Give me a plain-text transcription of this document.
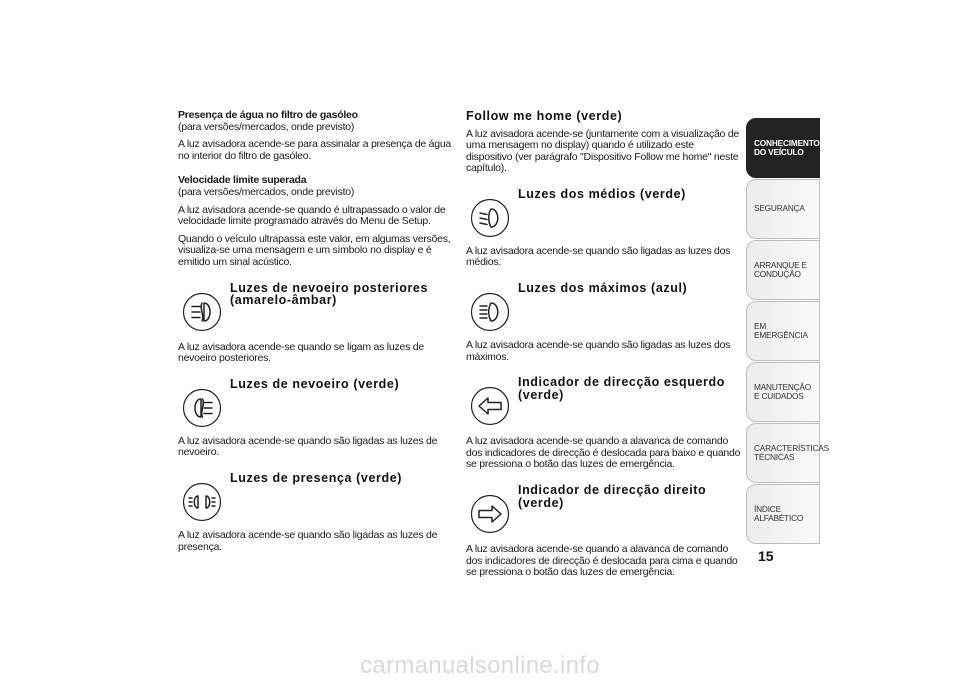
Presença de água no filtro de gasóleo

(para versões/mercados, onde previsto)

A luz avisadora acende-se para assinalar a presença de água no interior do filtro de gasóleo.

Velocidade limite superada

(para versões/mercados, onde previsto)

A luz avisadora acende-se quando é ultrapassado o valor de velocidade limite programado através do Menu de Setup.

Quando o veículo ultrapassa este valor, em algumas versões, visualiza-se uma mensagem e um símbolo no display e é emitido um sinal acústico.

Luzes de nevoeiro posteriores (amarelo-âmbar)

A luz avisadora acende-se quando se ligam as luzes de nevoeiro posteriores.

Luzes de nevoeiro (verde)

A luz avisadora acende-se quando são ligadas as luzes de nevoeiro.

Luzes de presença (verde)

A luz avisadora acende-se quando são ligadas as luzes de presença.

Follow me home (verde)

A luz avisadora acende-se (juntamente com a visualização de uma mensagem no display) quando é utilizado este dispositivo (ver parágrafo "Dispositivo Follow me home" neste capítulo).

Luzes dos médios (verde)

A luz avisadora acende-se quando são ligadas as luzes dos médios.

Luzes dos máximos (azul)

A luz avisadora acende-se quando são ligadas as luzes dos máximos.

Indicador de direcção esquerdo (verde)

A luz avisadora acende-se quando a alavanca de comando dos indicadores de direcção é deslocada para baixo e quando se pressiona o botão das luzes de emergência.

Indicador de direcção direito (verde)

A luz avisadora acende-se quando a alavanca de comando dos indicadores de direcção é deslocada para cima e quando se pressiona o botão das luzes de emergência.

CONHECIMENTO DO VEÍCULO
SEGURANÇA
ARRANQUE E CONDUÇÃO
EM EMERGÊNCIA
MANUTENÇÃO E CUIDADOS
CARACTERÍSTICAS TÉCNICAS
ÍNDICE ALFABÉTICO
15
carmanualsonline.info
